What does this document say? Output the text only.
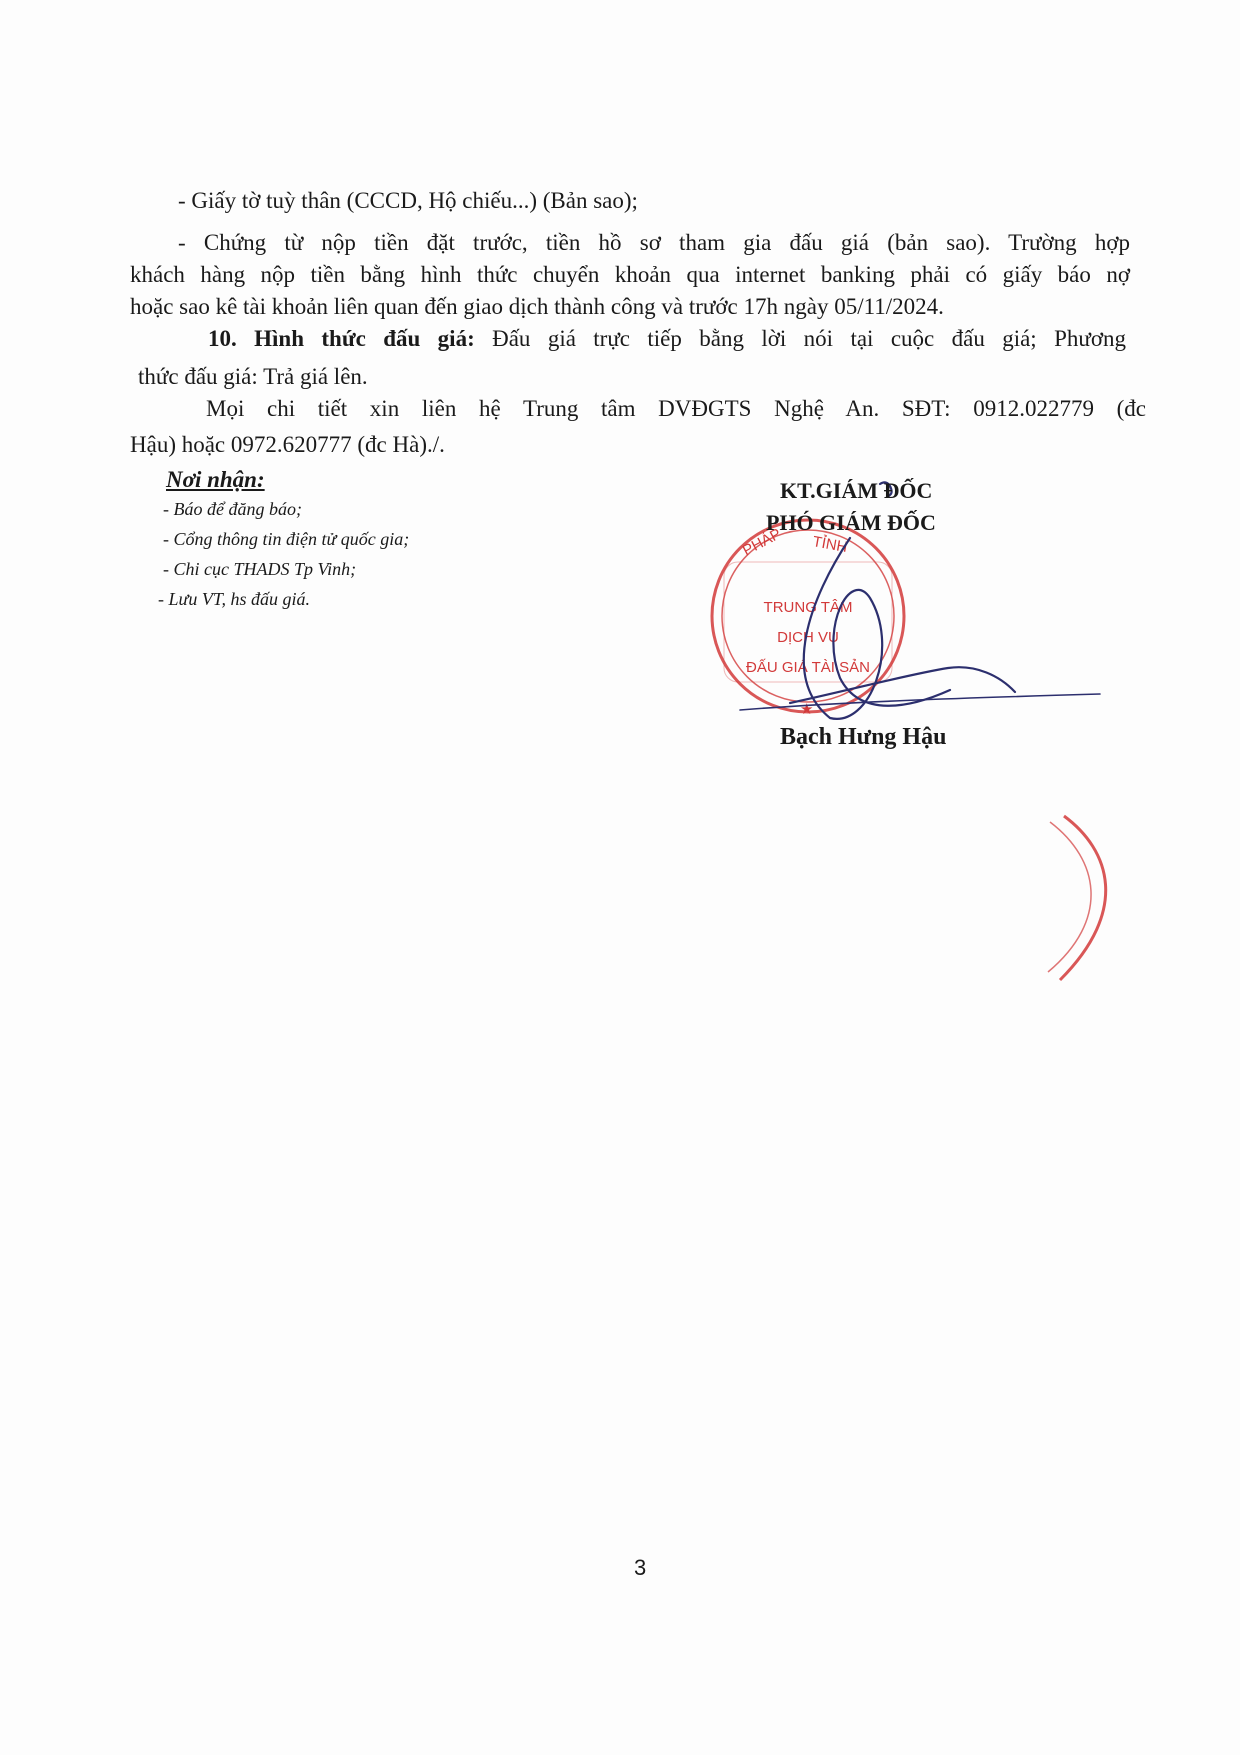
- Giấy tờ tuỳ thân (CCCD, Hộ chiếu...) (Bản sao);
- Chứng từ nộp tiền đặt trước, tiền hồ sơ tham gia đấu giá (bản sao). Trường hợp
khách hàng nộp tiền bằng hình thức chuyển khoản qua internet banking phải có giấy báo nợ
hoặc sao kê tài khoản liên quan đến giao dịch thành công và trước 17h ngày 05/11/2024.
10. Hình thức đấu giá: Đấu giá trực tiếp bằng lời nói tại cuộc đấu giá; Phương
thức đấu giá: Trả giá lên.
Mọi chi tiết xin liên hệ Trung tâm DVĐGTS Nghệ An. SĐT: 0912.022779 (đc
Hậu) hoặc 0972.620777 (đc Hà)./.
Nơi nhận:
- Báo để đăng báo;
- Cổng thông tin điện tử quốc gia;
- Chi cục THADS Tp Vinh;
- Lưu VT, hs đấu giá.
PHÁP TỈNH
TRUNG TÂM
DỊCH VỤ
ĐẤU GIÁ TÀI SẢN
★
KT.GIÁM ĐỐC
PHÓ GIÁM ĐỐC
Bạch Hưng Hậu
3
